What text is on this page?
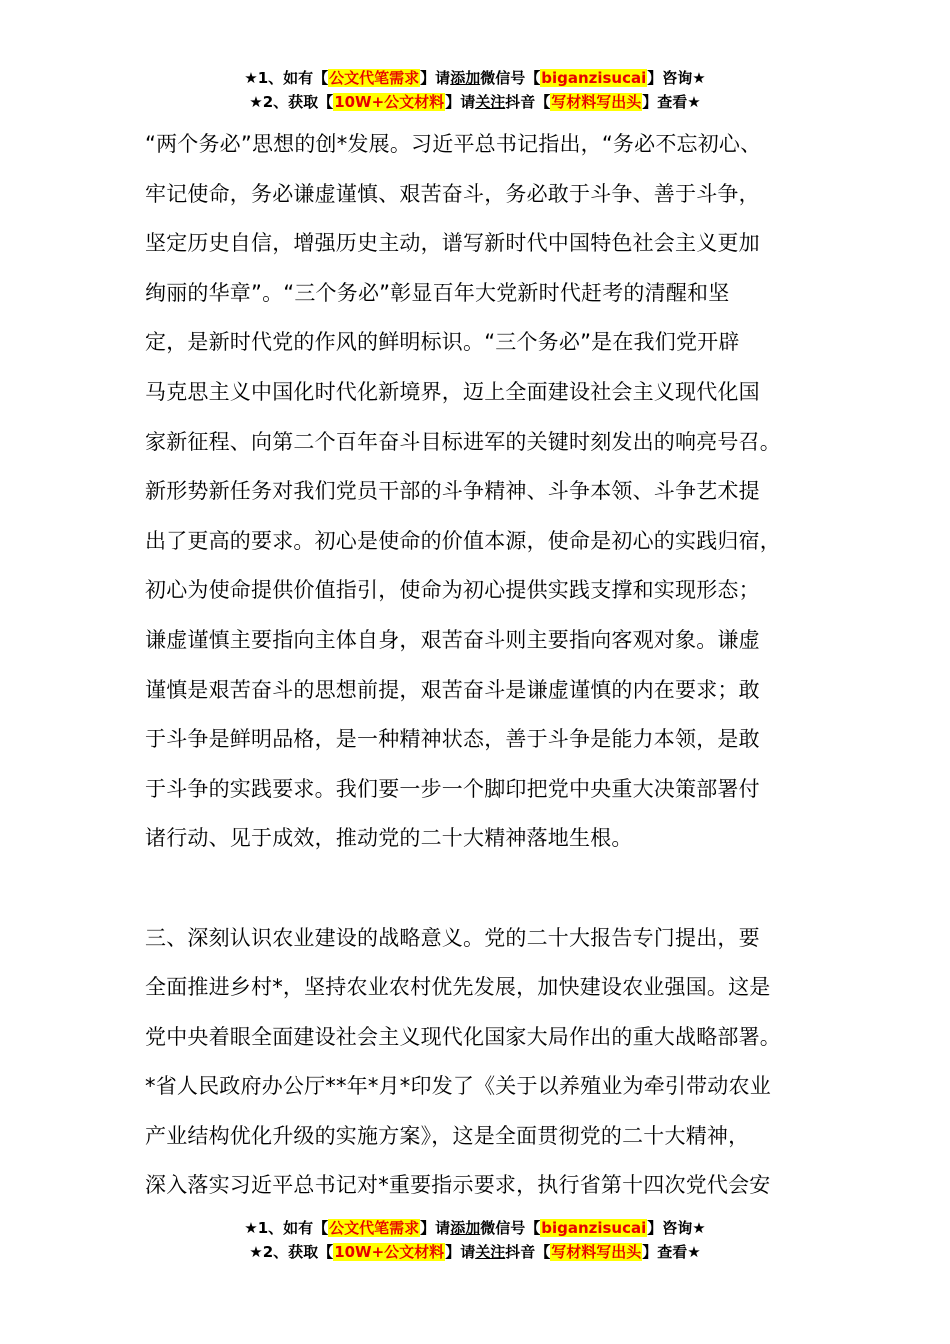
★1、如有【公文代笔需求】请添加微信号【biganzisucai】咨询★
★2、获取【10W+公文材料】请关注抖音【写材料写出头】查看★
“两个务必”思想的创*发展。习近平总书记指出，“务必不忘初心、
牢记使命，务必谦虚谨慎、艰苦奋斗，务必敢于斗争、善于斗争，
坚定历史自信，增强历史主动，谱写新时代中国特色社会主义更加
绚丽的华章”。“三个务必”彰显百年大党新时代赶考的清醒和坚
定，是新时代党的作风的鲜明标识。“三个务必”是在我们党开辟
马克思主义中国化时代化新境界，迈上全面建设社会主义现代化国
家新征程、向第二个百年奋斗目标进军的关键时刻发出的响亮号召。
新形势新任务对我们党员干部的斗争精神、斗争本领、斗争艺术提
出了更高的要求。初心是使命的价值本源，使命是初心的实践归宿，
初心为使命提供价值指引，使命为初心提供实践支撑和实现形态；
谦虚谨慎主要指向主体自身，艰苦奋斗则主要指向客观对象。谦虚
谨慎是艰苦奋斗的思想前提，艰苦奋斗是谦虚谨慎的内在要求；敢
于斗争是鲜明品格，是一种精神状态，善于斗争是能力本领，是敢
于斗争的实践要求。我们要一步一个脚印把党中央重大决策部署付
诸行动、见于成效，推动党的二十大精神落地生根。
三、深刻认识农业建设的战略意义。党的二十大报告专门提出，要
全面推进乡村*，坚持农业农村优先发展，加快建设农业强国。这是
党中央着眼全面建设社会主义现代化国家大局作出的重大战略部署。
*省人民政府办公厅**年*月*印发了《关于以养殖业为牵引带动农业
产业结构优化升级的实施方案》，这是全面贯彻党的二十大精神，
深入落实习近平总书记对*重要指示要求，执行省第十四次党代会安
★1、如有【公文代笔需求】请添加微信号【biganzisucai】咨询★
★2、获取【10W+公文材料】请关注抖音【写材料写出头】查看★
